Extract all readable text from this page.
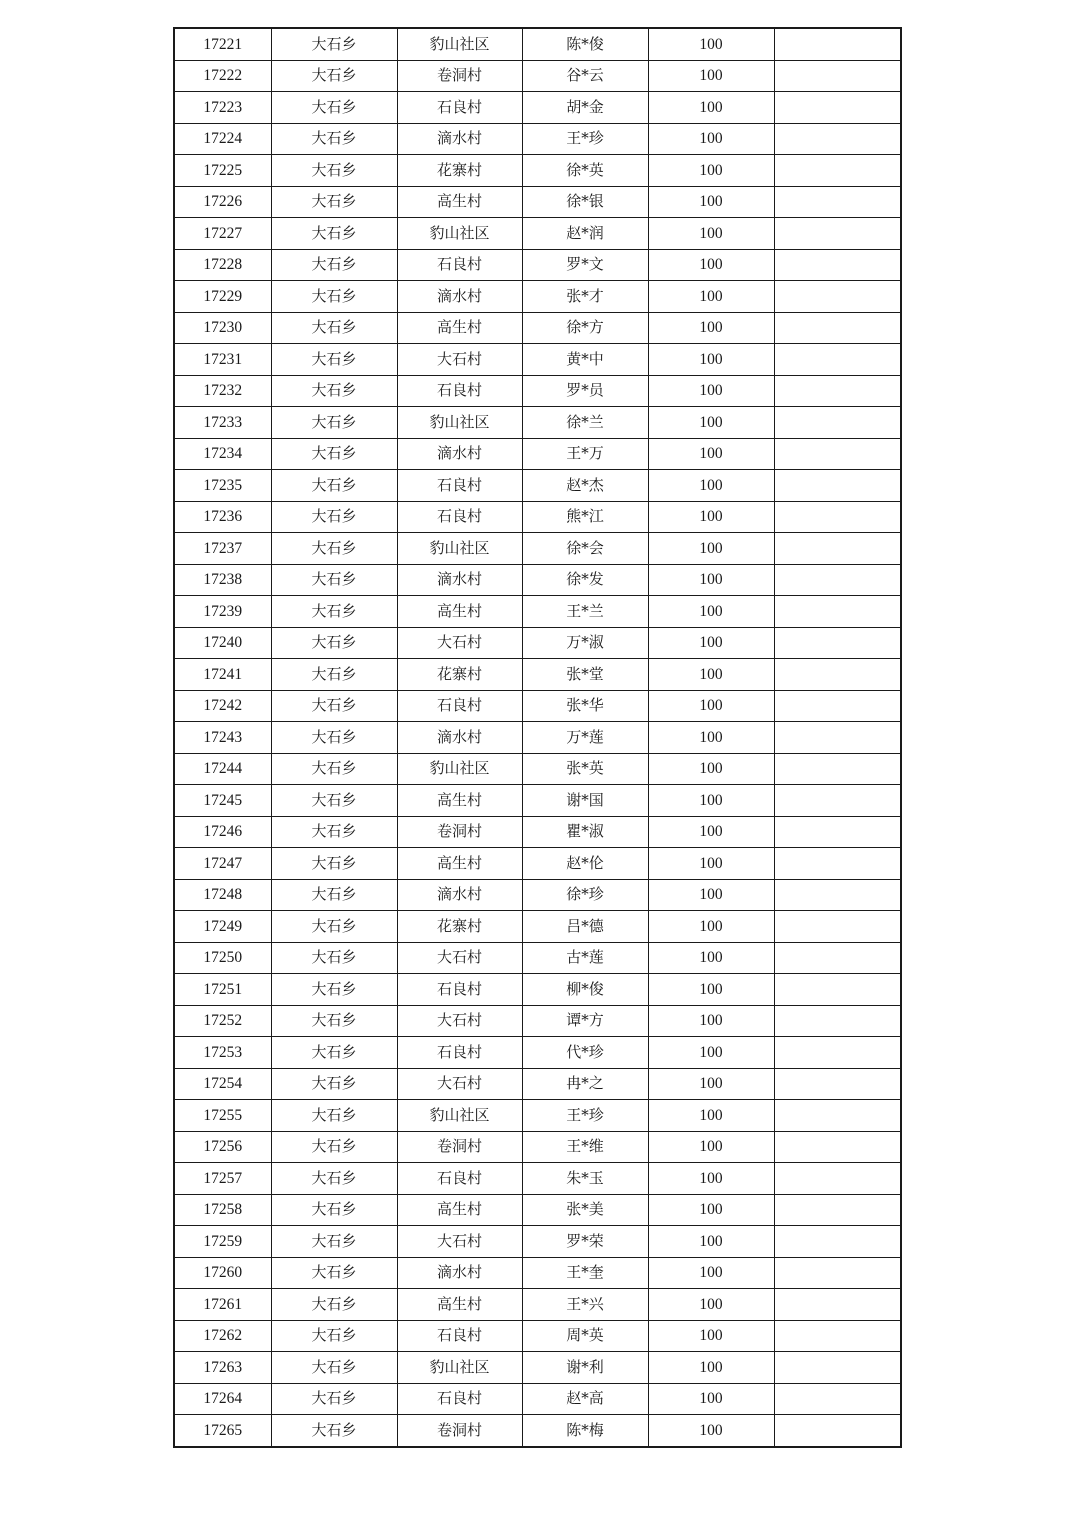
17221	大石乡	豹山社区	陈*俊	100	
17222	大石乡	卷洞村	谷*云	100	
17223	大石乡	石良村	胡*金	100	
17224	大石乡	滴水村	王*珍	100	
17225	大石乡	花寨村	徐*英	100	
17226	大石乡	高生村	徐*银	100	
17227	大石乡	豹山社区	赵*润	100	
17228	大石乡	石良村	罗*文	100	
17229	大石乡	滴水村	张*才	100	
17230	大石乡	高生村	徐*方	100	
17231	大石乡	大石村	黄*中	100	
17232	大石乡	石良村	罗*员	100	
17233	大石乡	豹山社区	徐*兰	100	
17234	大石乡	滴水村	王*万	100	
17235	大石乡	石良村	赵*杰	100	
17236	大石乡	石良村	熊*江	100	
17237	大石乡	豹山社区	徐*会	100	
17238	大石乡	滴水村	徐*发	100	
17239	大石乡	高生村	王*兰	100	
17240	大石乡	大石村	万*淑	100	
17241	大石乡	花寨村	张*堂	100	
17242	大石乡	石良村	张*华	100	
17243	大石乡	滴水村	万*莲	100	
17244	大石乡	豹山社区	张*英	100	
17245	大石乡	高生村	谢*国	100	
17246	大石乡	卷洞村	瞿*淑	100	
17247	大石乡	高生村	赵*伦	100	
17248	大石乡	滴水村	徐*珍	100	
17249	大石乡	花寨村	吕*德	100	
17250	大石乡	大石村	古*莲	100	
17251	大石乡	石良村	柳*俊	100	
17252	大石乡	大石村	谭*方	100	
17253	大石乡	石良村	代*珍	100	
17254	大石乡	大石村	冉*之	100	
17255	大石乡	豹山社区	王*珍	100	
17256	大石乡	卷洞村	王*维	100	
17257	大石乡	石良村	朱*玉	100	
17258	大石乡	高生村	张*美	100	
17259	大石乡	大石村	罗*荣	100	
17260	大石乡	滴水村	王*奎	100	
17261	大石乡	高生村	王*兴	100	
17262	大石乡	石良村	周*英	100	
17263	大石乡	豹山社区	谢*利	100	
17264	大石乡	石良村	赵*高	100	
17265	大石乡	卷洞村	陈*梅	100	
